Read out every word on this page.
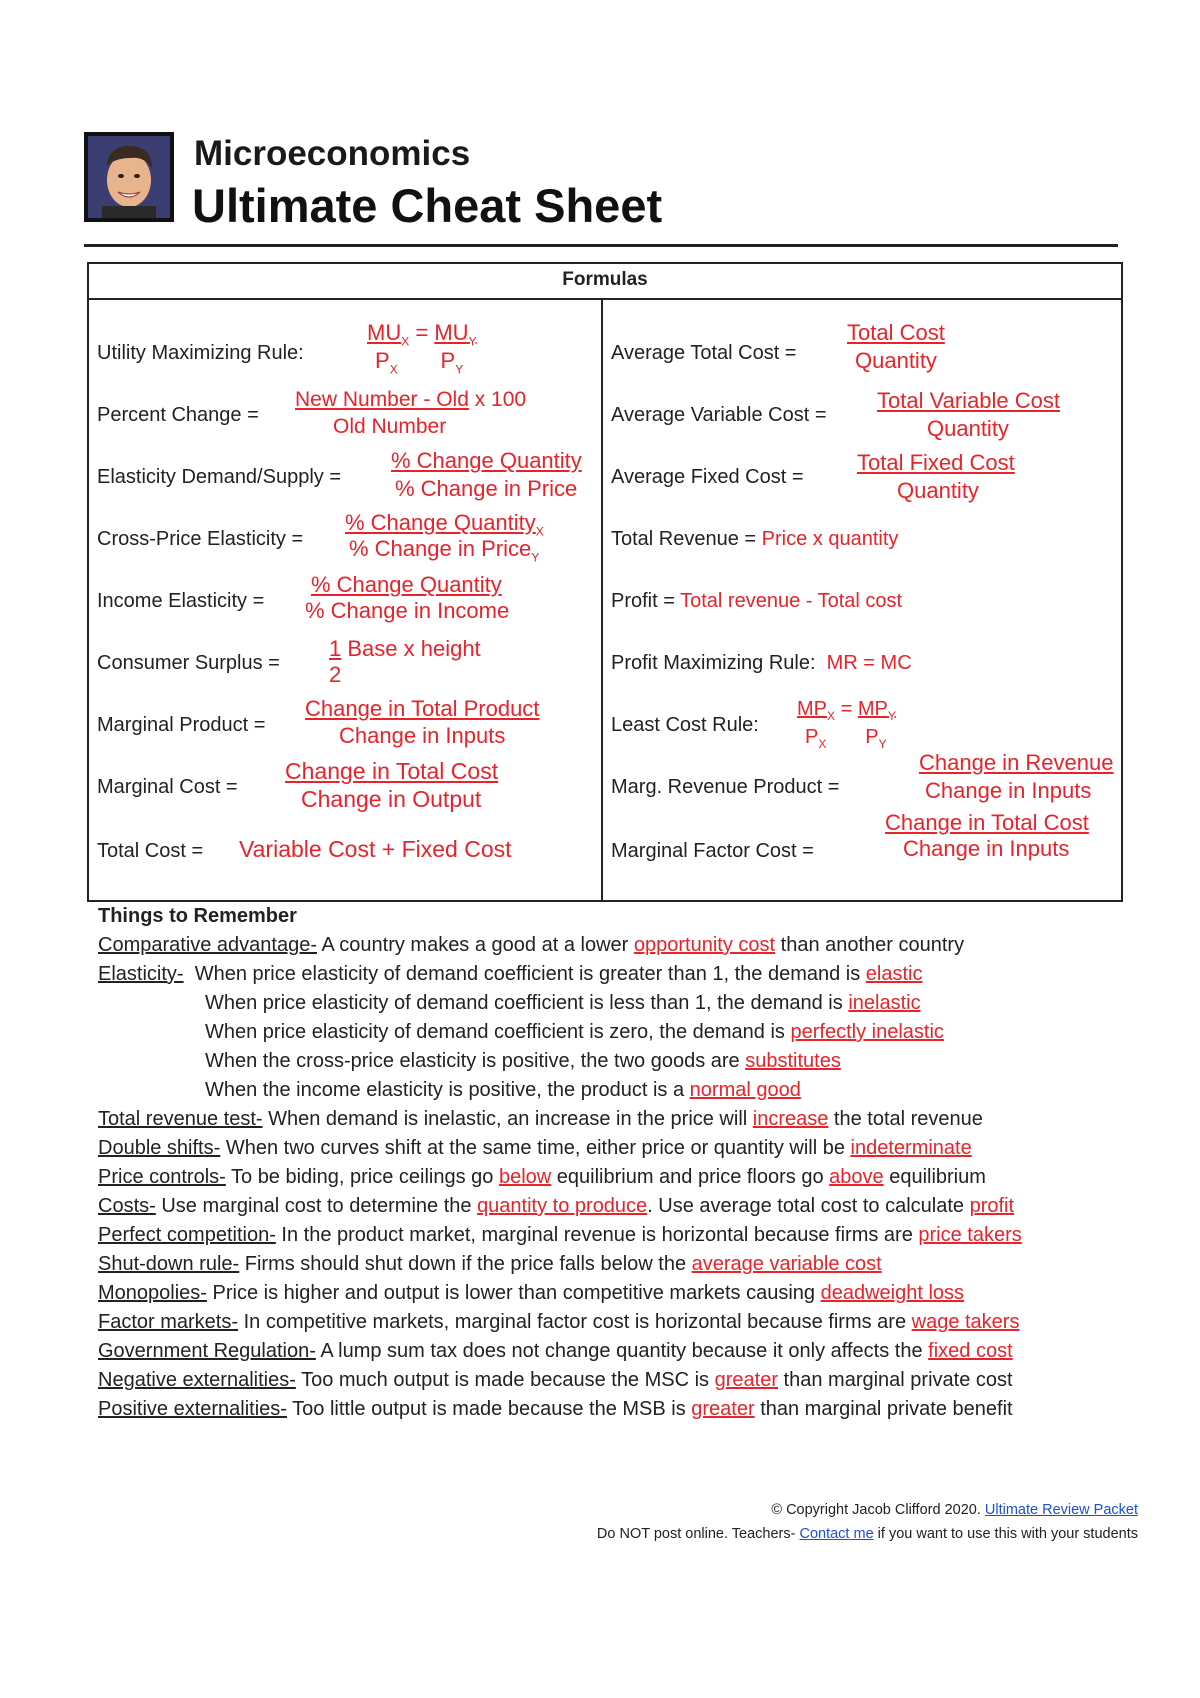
Microeconomics
Ultimate Cheat Sheet
Formulas
Utility Maximizing Rule:
$MU_X = MU_Y$
$P_X$ $P_Y$
Percent Change =
New Number - Old x 100
Old Number
Elasticity Demand/Supply =
% Change Quantity
% Change in Price
Cross-Price Elasticity =
% Change Quantity$_X$
% Change in Price$_Y$
Income Elasticity =
% Change Quantity
% Change in Income
Consumer Surplus =
1 Base x height
2
Marginal Product =
Change in Total Product
Change in Inputs
Marginal Cost =
Change in Total Cost
Change in Output
Total Cost = Variable Cost + Fixed Cost
Average Total Cost =
Total Cost
Quantity
Average Variable Cost =
Total Variable Cost
Quantity
Average Fixed Cost =
Total Fixed Cost
Quantity
Total Revenue = Price x quantity
Profit = Total revenue - Total cost
Profit Maximizing Rule: MR = MC
Least Cost Rule:
$MP_X = MP_Y$
$P_X$ $P_Y$
Marg. Revenue Product =
Change in Revenue
Change in Inputs
Marginal Factor Cost =
Change in Total Cost
Change in Inputs
Things to Remember
Comparative advantage- A country makes a good at a lower opportunity cost than another country
Elasticity-  When price elasticity of demand coefficient is greater than 1, the demand is elastic
When price elasticity of demand coefficient is less than 1, the demand is inelastic
When price elasticity of demand coefficient is zero, the demand is perfectly inelastic
When the cross-price elasticity is positive, the two goods are substitutes
When the income elasticity is positive, the product is a normal good
Total revenue test- When demand is inelastic, an increase in the price will increase the total revenue
Double shifts- When two curves shift at the same time, either price or quantity will be indeterminate
Price controls- To be biding, price ceilings go below equilibrium and price floors go above equilibrium
Costs- Use marginal cost to determine the quantity to produce. Use average total cost to calculate profit
Perfect competition- In the product market, marginal revenue is horizontal because firms are price takers
Shut-down rule- Firms should shut down if the price falls below the average variable cost
Monopolies- Price is higher and output is lower than competitive markets causing deadweight loss
Factor markets- In competitive markets, marginal factor cost is horizontal because firms are wage takers
Government Regulation- A lump sum tax does not change quantity because it only affects the fixed cost
Negative externalities- Too much output is made because the MSC is greater than marginal private cost
Positive externalities- Too little output is made because the MSB is greater than marginal private benefit
© Copyright Jacob Clifford 2020. Ultimate Review Packet
Do NOT post online. Teachers- Contact me if you want to use this with your students
